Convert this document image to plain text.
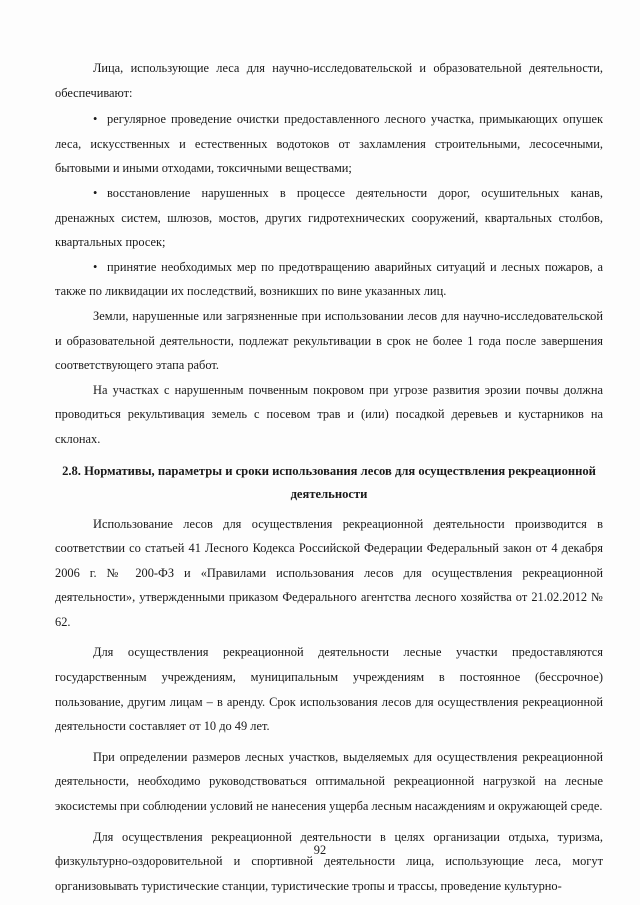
Лица, использующие леса для научно-исследовательской и образовательной деятельности, обеспечивают:

• регулярное проведение очистки предоставленного лесного участка, примыкающих опушек леса, искусственных и естественных водотоков от захламления строительными, лесосечными, бытовыми и иными отходами, токсичными веществами;

• восстановление нарушенных в процессе деятельности дорог, осушительных канав, дренажных систем, шлюзов, мостов, других гидротехнических сооружений, квартальных столбов, квартальных просек;

• принятие необходимых мер по предотвращению аварийных ситуаций и лесных пожаров, а также по ликвидации их последствий, возникших по вине указанных лиц.

Земли, нарушенные или загрязненные при использовании лесов для научно-исследовательской и образовательной деятельности, подлежат рекультивации в срок не более 1 года после завершения соответствующего этапа работ.

На участках с нарушенным почвенным покровом при угрозе развития эрозии почвы должна проводиться рекультивация земель с посевом трав и (или) посадкой деревьев и кустарников на склонах.

2.8. Нормативы, параметры и сроки использования лесов для осуществления рекреационной
деятельности

Использование лесов для осуществления рекреационной деятельности производится в соответствии со статьей 41 Лесного Кодекса Российской Федерации Федеральный закон от 4 декабря 2006 г. № 200-ФЗ и «Правилами использования лесов для осуществления рекреационной деятельности», утвержденными приказом Федерального агентства лесного хозяйства от 21.02.2012 № 62.

Для осуществления рекреационной деятельности лесные участки предоставляются государственным учреждениям, муниципальным учреждениям в постоянное (бессрочное) пользование, другим лицам – в аренду. Срок использования лесов для осуществления рекреационной деятельности составляет от 10 до 49 лет.

При определении размеров лесных участков, выделяемых для осуществления рекреационной деятельности, необходимо руководствоваться оптимальной рекреационной нагрузкой на лесные экосистемы при соблюдении условий не нанесения ущерба лесным насаждениям и окружающей среде.

Для осуществления рекреационной деятельности в целях организации отдыха, туризма, физкультурно-оздоровительной и спортивной деятельности лица, использующие леса, могут организовывать туристические станции, туристические тропы и трассы, проведение культурно-

92
